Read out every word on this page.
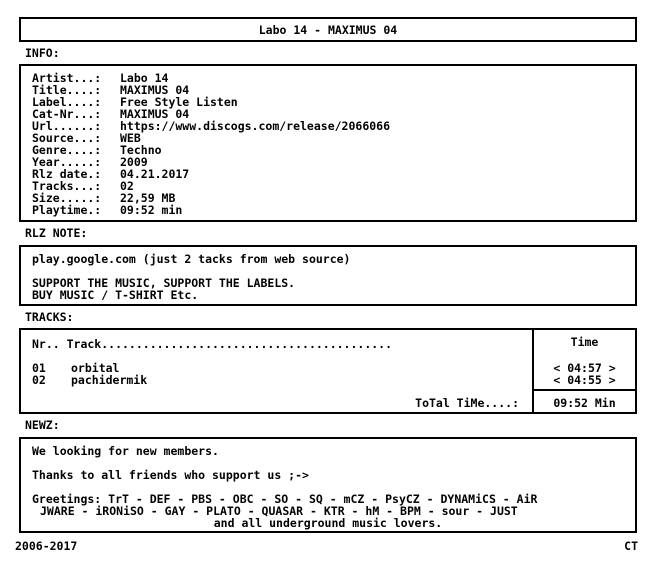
Labo 14 - MAXIMUS 04
INFO:
Artist...: Labo 14
Title....: MAXIMUS 04
Label....: Free Style Listen
Cat-Nr...: MAXIMUS 04
Url......: https://www.discogs.com/release/2066066
Source...: WEB
Genre....: Techno
Year.....: 2009
Rlz date.: 04.21.2017
Tracks...: 02
Size.....: 22,59 MB
Playtime.: 09:52 min
RLZ NOTE:
play.google.com (just 2 tacks from web source)
SUPPORT THE MUSIC, SUPPORT THE LABELS.
BUY MUSIC / T-SHIRT Etc.
TRACKS:
Nr.. Track..........................................	Time
01 orbital	< 04:57 >
02 pachidermik	< 04:55 >
ToTal TiMe....:	09:52 Min
NEWZ:
We looking for new members.
Thanks to all friends who support us ;->
Greetings: TrT - DEF - PBS - OBC - SO - SQ - mCZ - PsyCZ - DYNAMiCS - AiR
JWARE - iRONiSO - GAY - PLATO - QUASAR - KTR - hM - BPM - sour - JUST
and all underground music lovers.
2006-2017	CT
